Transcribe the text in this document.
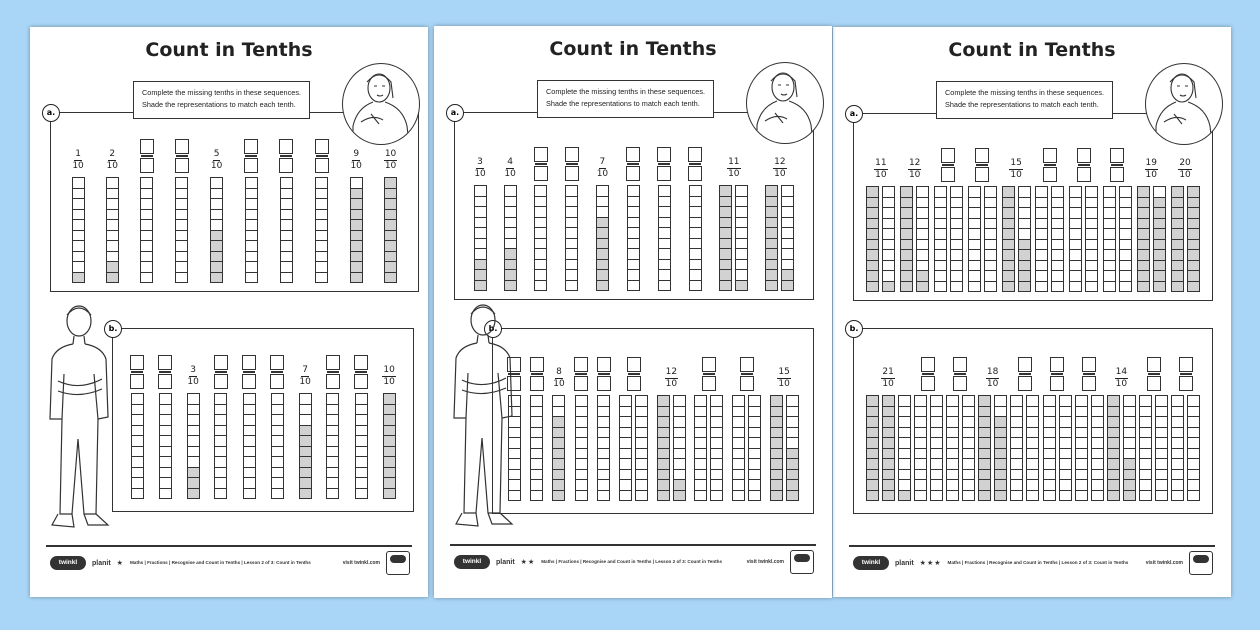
Count in Tenths
a.
$\frac{1}{10}$	$\frac{2}{10}$	$\frac{5}{10}$	$\frac{9}{10} \frac{10}{10}$
Complete the missing tenths in these sequences.
Shade the representations to match each tenth.
b.
$\frac{3}{10}$	$\frac{7}{10}$	$\frac{10}{10}$
twinkl	planit ★ Maths | Fractions | Recognise and Count in Tenths | Lesson 2 of 3: Count in Tenths	visit twinkl.com
Count in Tenths
a.
$\frac{3}{10} \frac{4}{10}$	$\frac{7}{10}$	$\frac{11}{10}$	$\frac{12}{10}$
Complete the missing tenths in these sequences.
Shade the representations to match each tenth.
b.
$\frac{8}{10}$	$\frac{12}{10}$	$\frac{15}{10}$
twinkl	planit ★★ Maths | Fractions | Recognise and Count in Tenths | Lesson 2 of 3: Count in Tenths	visit twinkl.com
Count in Tenths
a.
$\frac{11}{10} \frac{12}{10}$	$\frac{15}{10}$	$\frac{19}{10} \frac{20}{10}$
Complete the missing tenths in these sequences.
Shade the representations to match each tenth.
b.
$\frac{21}{10}$	$\frac{18}{10}$	$\frac{14}{10}$
twinkl	planit ★★★ Maths | Fractions | Recognise and Count in Tenths | Lesson 2 of 3: Count in Tenths	visit twinkl.com
